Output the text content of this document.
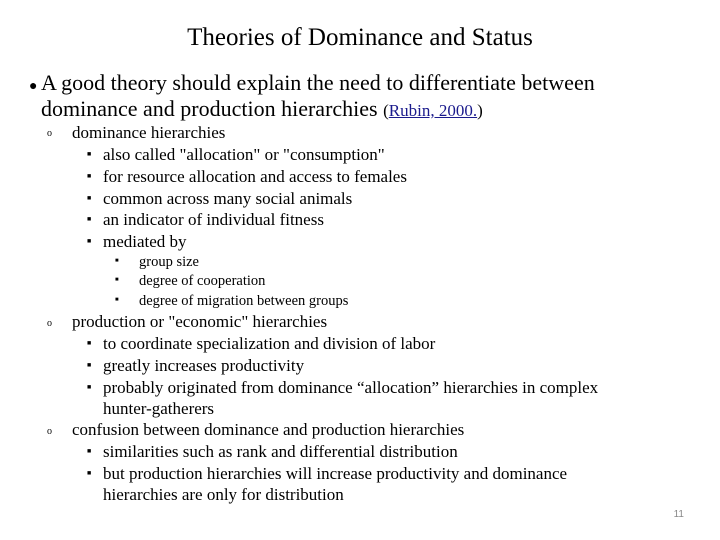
Theories of Dominance and Status
● A good theory should explain the need to differentiate between
dominance and production hierarchies (Rubin, 2000.)
o dominance hierarchies
■ also called "allocation" or "consumption"
■ for resource allocation and access to females
■ common across many social animals
■ an indicator of individual fitness
■ mediated by
■ group size
■ degree of cooperation
■ degree of migration between groups
o production or "economic" hierarchies
■ to coordinate specialization and division of labor
■ greatly increases productivity
■ probably originated from dominance “allocation” hierarchies in complex
hunter-gatherers
o confusion between dominance and production hierarchies
■ similarities such as rank and differential distribution
■ but production hierarchies will increase productivity and dominance
hierarchies are only for distribution
11
